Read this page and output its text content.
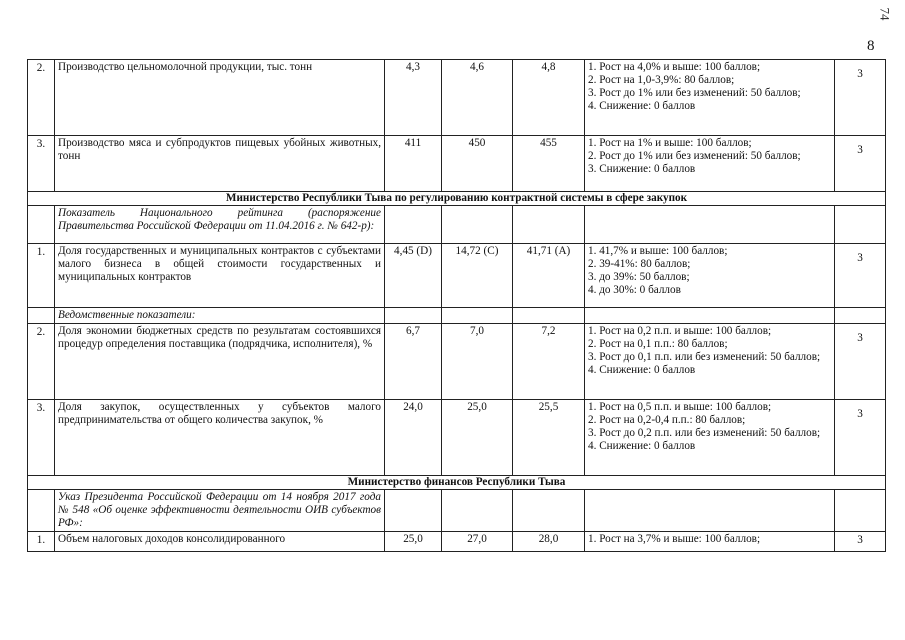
74
8
2.	Производство цельномолочной продукции, тыс. тонн	4,3	4,6	4,8	1. Рост на 4,0% и выше: 100 баллов;
2. Рост на 1,0-3,9%: 80 баллов;
3. Рост до 1% или без изменений: 50 баллов;
4. Снижение: 0 баллов	3
3.	Производство мяса и субпродуктов пищевых убойных животных, тонн	411	450	455	1. Рост на 1% и выше: 100 баллов;
2. Рост до 1% или без изменений: 50 баллов;
3. Снижение: 0 баллов	3
Министерство Республики Тыва по регулированию контрактной системы в сфере закупок						
	Показатель Национального рейтинга (распоряжение Правительства Российской Федерации от 11.04.2016 г. № 642-р):					
1.	Доля государственных и муниципальных контрактов с субъектами малого бизнеса в общей стоимости государственных и муниципальных контрактов	4,45 (D)	14,72 (C)	41,71 (A)	1. 41,7% и выше: 100 баллов;
2. 39-41%: 80 баллов;
3. до 39%: 50 баллов;
4. до 30%: 0 баллов	3
	Ведомственные показатели:					
2.	Доля экономии бюджетных средств по результатам состоявшихся процедур определения поставщика (подрядчика, исполнителя), %	6,7	7,0	7,2	1. Рост на 0,2 п.п. и выше: 100 баллов;
2. Рост на 0,1 п.п.: 80 баллов;
3. Рост до 0,1 п.п. или без изменений: 50 баллов;
4. Снижение: 0 баллов	3
3.	Доля закупок, осуществленных у субъектов малого предпринимательства от общего количества закупок, %	24,0	25,0	25,5	1. Рост на 0,5 п.п. и выше: 100 баллов;
2. Рост на 0,2-0,4 п.п.: 80 баллов;
3. Рост до 0,2 п.п. или без изменений: 50 баллов;
4. Снижение: 0 баллов	3
Министерство финансов Республики Тыва						
	Указ Президента Российской Федерации от 14 ноября 2017 года № 548 «Об оценке эффективности деятельности ОИВ субъектов РФ»:					
1.	Объем налоговых доходов консолидированного	25,0	27,0	28,0	1. Рост на 3,7% и выше: 100 баллов;	3
